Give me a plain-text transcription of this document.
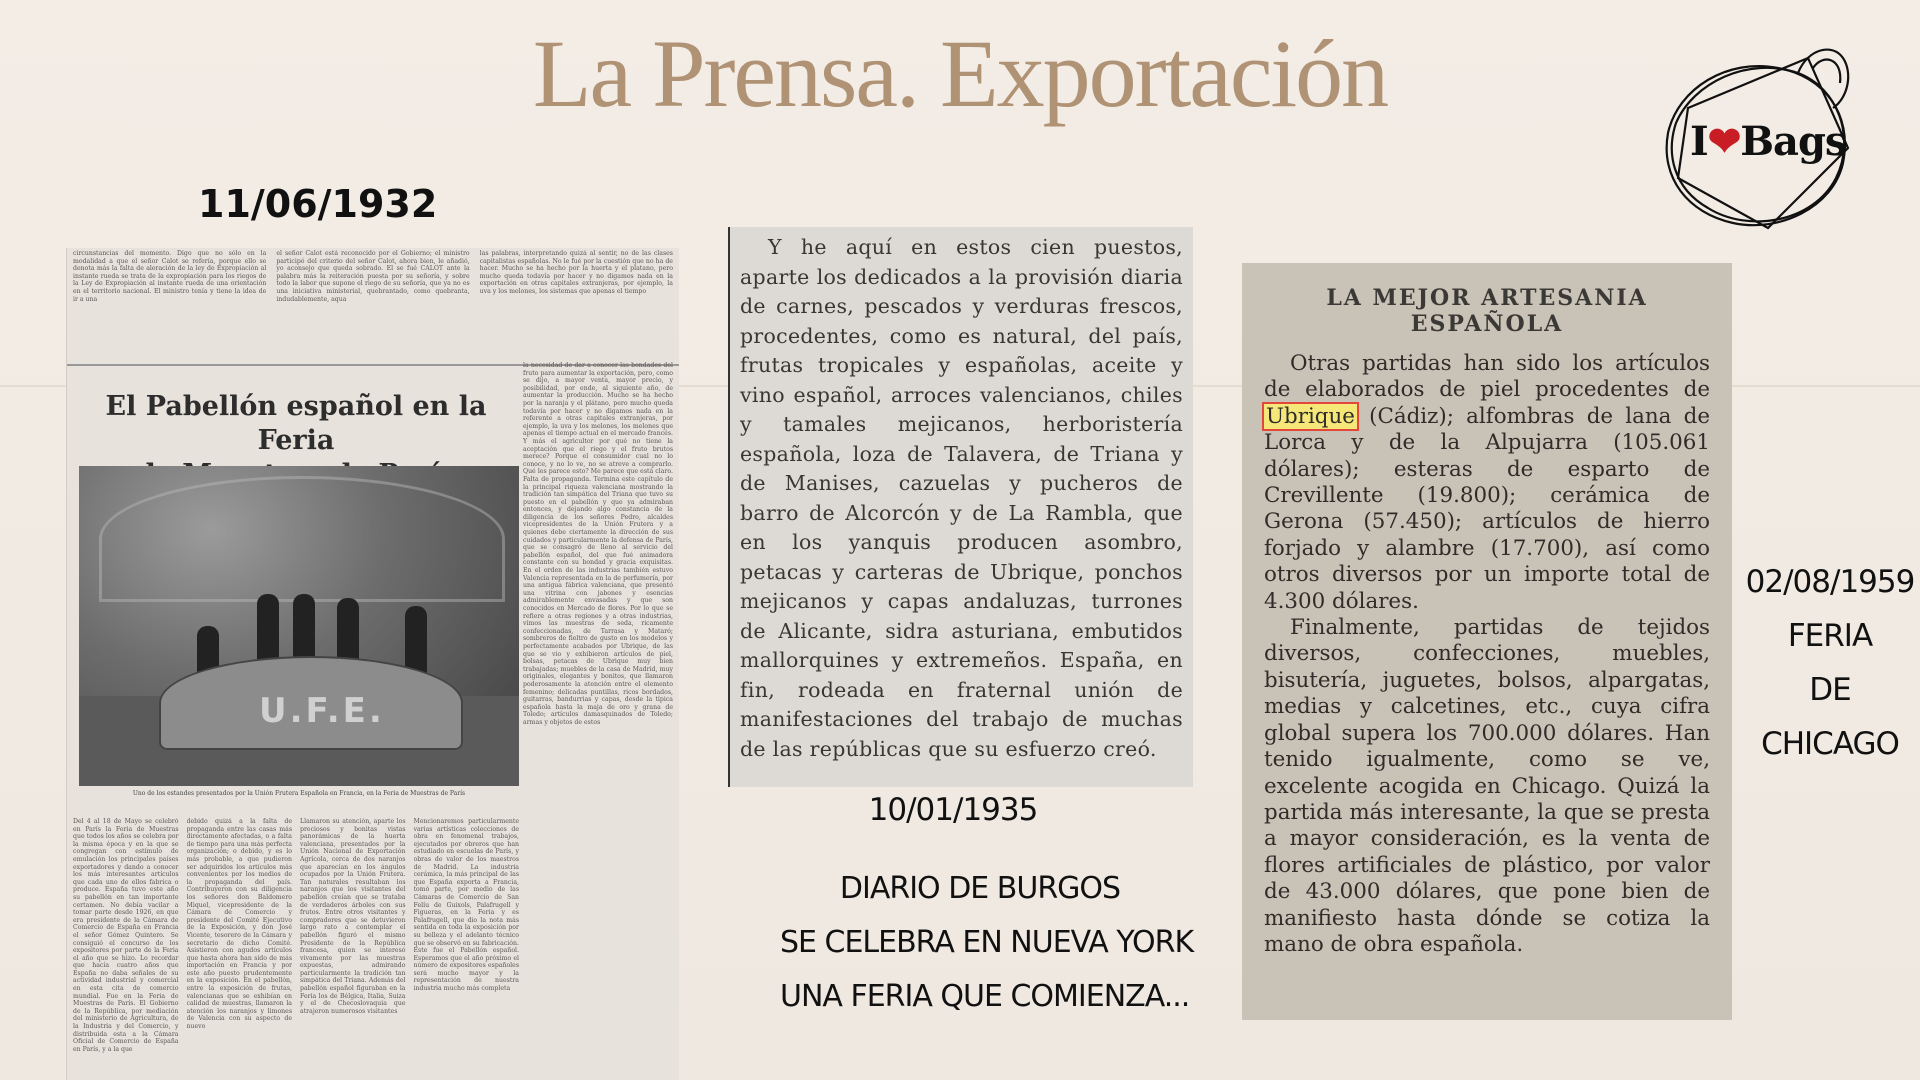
La Prensa. Exportación
I❤Bags
11/06/1932

circunstancias del momento. Dígo que no sólo en la modalidad a que el señor Calot se refería, porque ello se denota más la falta de aleración de la ley de Expropiación al instante rueda se trata de la expropiación para los riegos de la Ley de Expropiación al instante rueda de una orientación en el territorio nacional. El ministro tenía y tiene la idea de ir a una

el señor Calot está reconocido por el Gobierno; el ministro participó del criterio del señor Calot, ahora bien, le añadió, yo aconsejo que queda sobrado. El se fué CALOT ante la palabra más la reiteración puesta por su señoría, y sobre todo la labor que supone el riego de su señoría, que ya no es una iniciativa ministerial, quebrantado, como quebranta, indudablemente, aqua

las palabras, interpretando quizá al sentir, no de las clases capitalistas españolas. No le fué por la cuestión que no ha de hacer. Mucho se ha hecho por la huerta y el platano, pero mucho queda todavía por hacer y no digamos nada en la exportación en otras capitales extranjeras, por ejemplo, la uva y los melones, los sistemas que apenas el tiempo

la necesidad de dar a conocer las bondades del fruto para aumentar la exportación, pero, como se dijo, a mayor venta, mayor precio, y posibilidad, por ende, al siguiente año, de aumentar la producción. Mucho se ha hecho por la naranja y el plátano, pero mucho queda todavía por hacer y no digamos nada en la referente a otras capitales extranjeras, por ejemplo, la uva y los melones, los melones que apenas el tiempo actual en el mercado francés. Y más el agricultor por qué no tiene la aceptación que el riego y el fruto brutos merece? Porque el consumidor cual no lo conoce, y no lo ve, no se atreve a comprarlo. Qué les parece esto? Me parece que está claro. Falta de propaganda. Termina este capítulo de la principal riqueza valenciana mostrando la tradición tan simpática del Triana que tuvo su puesto en el pabellón y que ya admiraban entonces, y dejando algo constancia de la diligencia de los señores Pedro, alcaldes vicepresidentes de la Unión Frutera y a quienes debe ciertamente la dirección de sus cuidados y particularmente la defensa de París, que se consagró de lleno al servicio del pabellón español, del que fué animadora constante con su bondad y gracia exquisitas. En el orden de las industrias también estuvo Valencia representada en la de perfumería, por una antigua fábrica valenciana, que presentó una vitrina con jabones y esencias admirablemente envasadas y que son conocidos en Mercado de flores. Por lo que se refiere a otras regiones y a otras industrias, vimos las muestras de seda, ricamente confeccionadas, de Tarrasa y Mataró; sombreros de fieltro de gusto en los modelos y perfectamente acabados por Ubrique, de las que se vio y exhibieron artículos de piel, bolsas, petacas de Ubrique muy bien trabajadas; muebles de la casa de Madrid, muy originales, elegantes y bonitos, que llamaron poderosamente la atención entre el elemento femenino; delicadas puntillas, ricos bordados, guitarras, bandurrias y capas, desde la típica española hasta la maja de oro y grana de Toledo; artículos damasquinados de Toledo; armas y objetos de estos

El Pabellón español en la Feria

U.F.E.

Uno de los estandes presentados por la Unión Frutera Española en Francia, en la Feria de Muestras de París

Del 4 al 18 de Mayo se celebró en París la Feria de Muestras que todos los años se celebra por la misma época y en la que se congregan con estímulo de emulación los principales países exportadores y dando a conocer los más interesantes artículos que cada uno de ellos fabrica o produce. España tuvo este año su pabellón en tan importante certamen. No debía vacilar a tomar parte desde 1926, en que era presidente de la Cámara de Comercio de España en Francia el señor Gómez Quintero. Se consiguió el concurso de los expositores por parte de la Feria el año que se hizo. Lo recordar que hacía cuatro años que España no daba señales de su actividad industrial y comercial en esta cita de comercio mundial. Fue en la Feria de Muestras de París. El Gobierno de la República, por mediación del ministerio de Agricultura, de la Industria y del Comercio, y distribuida esta a la Cámara Oficial de Comercio de España en París, y a la que

debido quizá a la falta de propaganda entre las casas más directamente afectadas, o a falta de tiempo para una más perfecta organización; o debido, y es lo más probable, a que pudieron ser adquiridos los artículos más convenientes por los medios de la propaganda del país. Contribuyeron con su diligencia los señores don Baldomero Miquel, vicepresidente de la Cámara de Comercio y presidente del Comité Ejecutivo de la Exposición, y don José Vicente, tesorero de la Cámara y secretario de dicho Comité. Asistieron con agudos artículos que hasta ahora han sido de más importación en Francia y por este año puesto prudentemente en la exposición. En el pabellón, entre la exposición de frutas, valencianas que se exhibían en calidad de muestras, llamaron la atención los naranjos y limones de Valencia con su aspecto de nuevo

Llamaron su atención, aparte los preciosos y bonitas vistas panorámicas de la huerta valenciana, presentados por la Unión Nacional de Exportación Agrícola, cerca de dos naranjos que aparecían en los ángulos ocupados por la Unión Frutera. Tan naturales resultaban los naranjos que los visitantes del pabellón creían que se trataba de verdaderos árboles con sus frutos. Entre otros visitantes y compradores que se detuvieron largo rato a contemplar el pabellón figuró el mismo Presidente de la República francesa, quien se interesó vivamente por las muestras expuestas, admirando particularmente la tradición tan simpática del Triana. Además del pabellón español figuraban en la Feria los de Bélgica, Italia, Suiza y el de Checoslovaquia que atrajeron numerosos visitantes

Mencionaremos particularmente varias artísticas colecciones de obra en fenomenal trabajos, ejecutados por obreros que han estudiado en escuelas de París, y obras de valor de los maestros de Madrid. La industria cerámica, la más principal de las que España exporta a Francia, tomó parte, por medio de las Cámaras de Comercio de San Felíu de Guixols, Palafrugell y Figueras, en la Feria y es Palafrugell, que dio la nota más sentida en toda la exposición por su belleza y el adelanto técnico que se observó en su fabricación. Este fue el Pabellón español. Esperamos que el año próximo el número de expositores españoles será mucho mayor y la representación de nuestra industria mucho más completa

Y he aquí en estos cien puestos, aparte los dedicados a la provisión diaria de carnes, pescados y verduras frescos, procedentes, como es natural, del país, frutas tropicales y españolas, aceite y vino español, arroces valencianos, chiles y tamales mejicanos, herboristería española, loza de Talavera, de Triana y de Manises, cazuelas y pucheros de barro de Alcorcón y de La Rambla, que en los yanquis producen asombro, petacas y carteras de Ubrique, ponchos mejicanos y capas andaluzas, turrones de Alicante, sidra asturiana, embutidos mallorquines y extremeños. España, en fin, rodeada en fraternal unión de manifestaciones del trabajo de muchas de las repúblicas que su esfuerzo creó.

10/01/1935
DIARIO DE BURGOS
SE CELEBRA EN NUEVA YORK
UNA FERIA QUE COMIENZA...
LA MEJOR ARTESANIA
ESPAÑOLA

Otras partidas han sido los artículos de elaborados de piel procedentes de Ubrique (Cádiz); alfombras de lana de Lorca y de la Alpujarra (105.061 dólares); esteras de esparto de Crevillente (19.800); cerámica de Gerona (57.450); artículos de hierro forjado y alambre (17.700), así como otros diversos por un importe total de 4.300 dólares.

Finalmente, partidas de tejidos diversos, confecciones, muebles, bisutería, juguetes, bolsos, alpargatas, medias y calcetines, etc., cuya cifra global supera los 700.000 dólares. Han tenido igualmente, como se ve, excelente acogida en Chicago. Quizá la partida más interesante, la que se presta a mayor consideración, es la venta de flores artificiales de plástico, por valor de 43.000 dólares, que pone bien de manifiesto hasta dónde se cotiza la mano de obra española.

02/08/1959
FERIA
DE
CHICAGO
